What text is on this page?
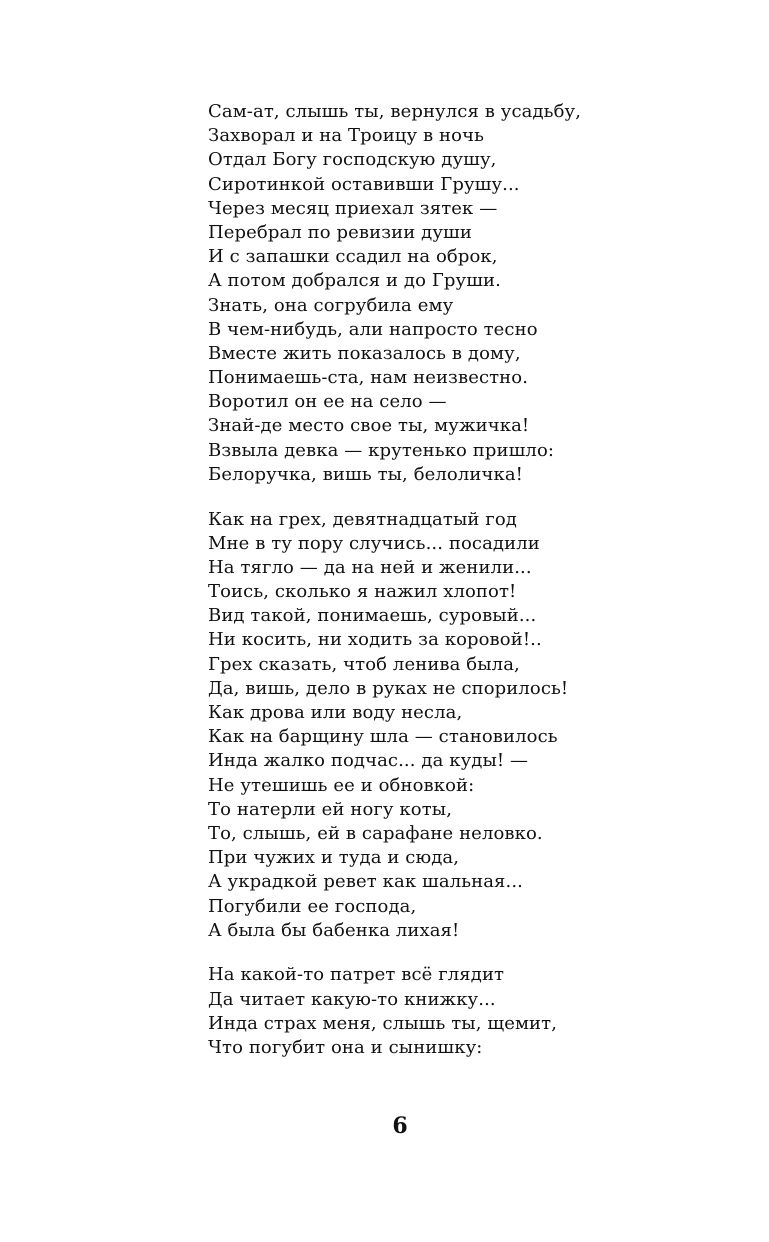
Сам-ат, слышь ты, вернулся в усадьбу,
Захворал и на Троицу в ночь
Отдал Богу господскую душу,
Сиротинкой оставивши Грушу...
Через месяц приехал зятек —
Перебрал по ревизии души
И с запашки ссадил на оброк,
А потом добрался и до Груши.
Знать, она согрубила ему
В чем-нибудь, али напросто тесно
Вместе жить показалось в дому,
Понимаешь-ста, нам неизвестно.
Воротил он ее на село —
Знай-де место свое ты, мужичка!
Взвыла девка — крутенько пришло:
Белоручка, вишь ты, белоличка!
Как на грех, девятнадцатый год
Мне в ту пору случись... посадили
На тягло — да на ней и женили...
Тоись, сколько я нажил хлопот!
Вид такой, понимаешь, суровый...
Ни косить, ни ходить за коровой!..
Грех сказать, чтоб ленива была,
Да, вишь, дело в руках не спорилось!
Как дрова или воду несла,
Как на барщину шла — становилось
Инда жалко подчас... да куды! —
Не утешишь ее и обновкой:
То натерли ей ногу коты,
То, слышь, ей в сарафане неловко.
При чужих и туда и сюда,
А украдкой ревет как шальная...
Погубили ее господа,
А была бы бабенка лихая!
На какой-то патрет всё глядит
Да читает какую-то книжку...
Инда страх меня, слышь ты, щемит,
Что погубит она и сынишку:
6
